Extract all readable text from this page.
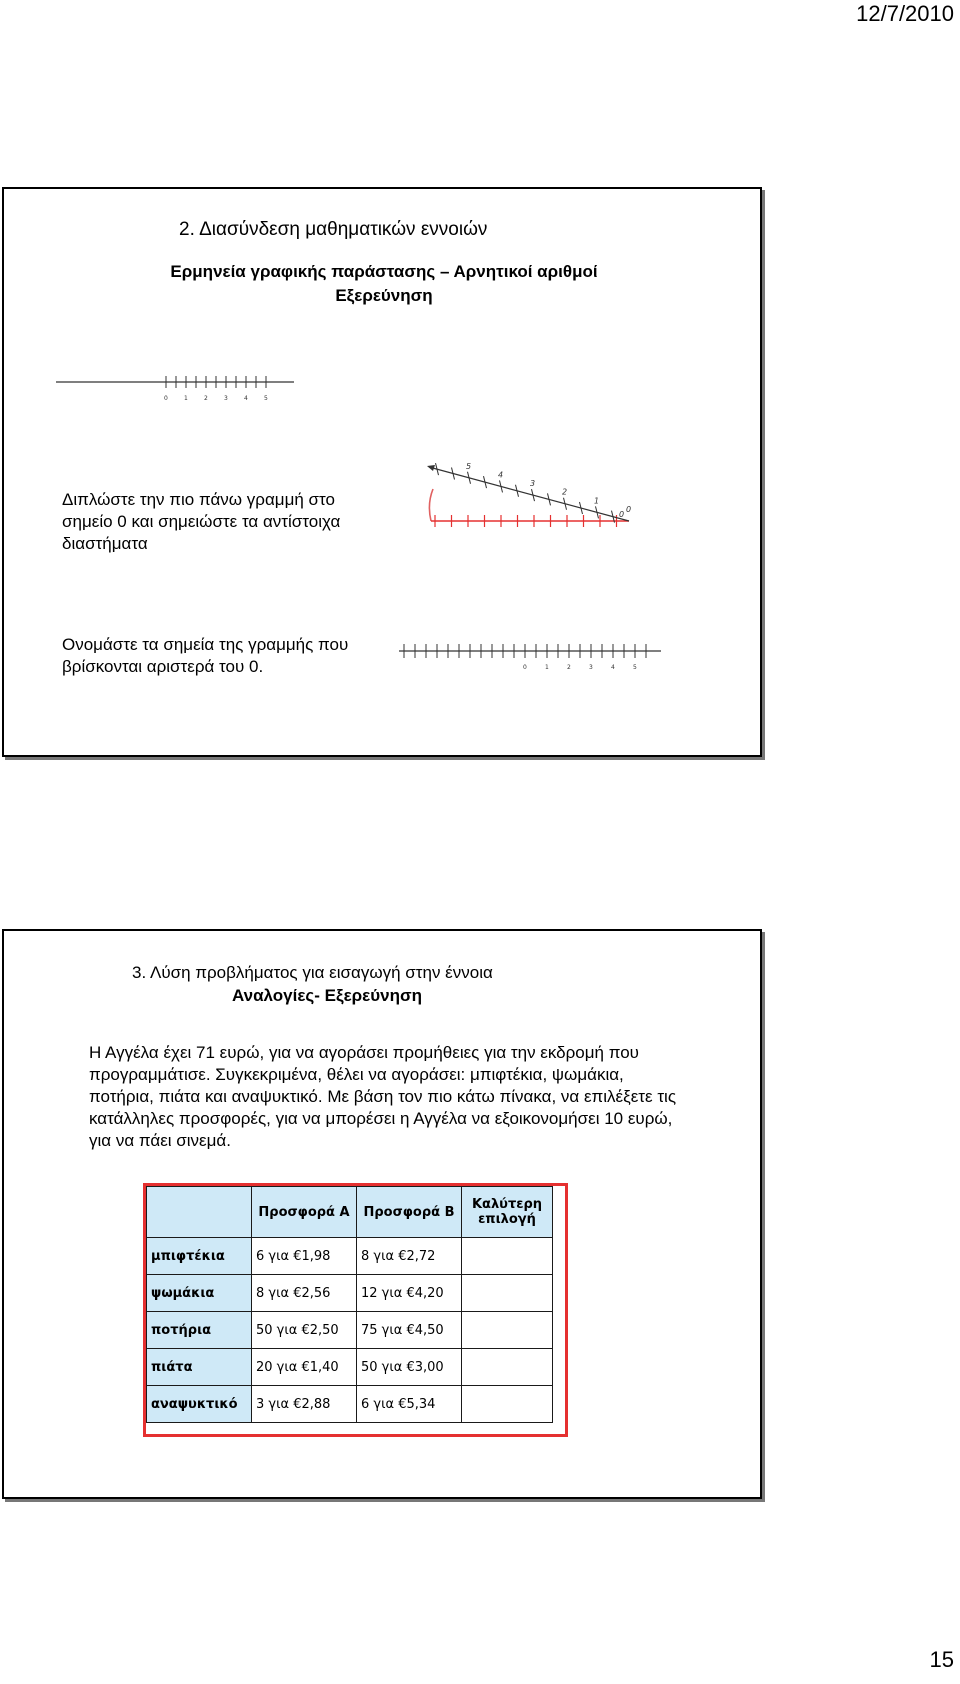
12/7/2010
2. Διασύνδεση μαθηματικών εννοιών
Ερμηνεία γραφικής παράστασης – Αρνητικοί αριθμοί
Εξερεύνηση
0	1	2	3	4	5
5
4
3
2
1
0
0
Διπλώστε την πιο πάνω γραμμή στο σημείο 0 και σημειώστε τα αντίστοιχα διαστήματα
Ονομάστε τα σημεία της γραμμής που βρίσκονται αριστερά του 0.	0	1	2	3	4	5
3. Λύση προβλήματος για εισαγωγή στην έννοια
Αναλογίες- Εξερεύνηση
Η Αγγέλα έχει 71 ευρώ, για να αγοράσει προμήθειες για την εκδρομή που προγραμμάτισε. Συγκεκριμένα, θέλει να αγοράσει: μπιφτέκια, ψωμάκια, ποτήρια, πιάτα και αναψυκτικό. Με βάση τον πιο κάτω πίνακα, να επιλέξετε τις κατάλληλες προσφορές, για να μπορέσει η Αγγέλα να εξοικονομήσει 10 ευρώ, για να πάει σινεμά.
	Προσφορά Α	Προσφορά Β	Καλύτερη επιλογή
μπιφτέκια	6 για €1,98	8 για €2,72	
ψωμάκια	8 για €2,56	12 για €4,20	
ποτήρια	50 για €2,50	75 για €4,50	
πιάτα	20 για €1,40	50 για €3,00	
αναψυκτικό	3 για €2,88	6 για €5,34	
15
